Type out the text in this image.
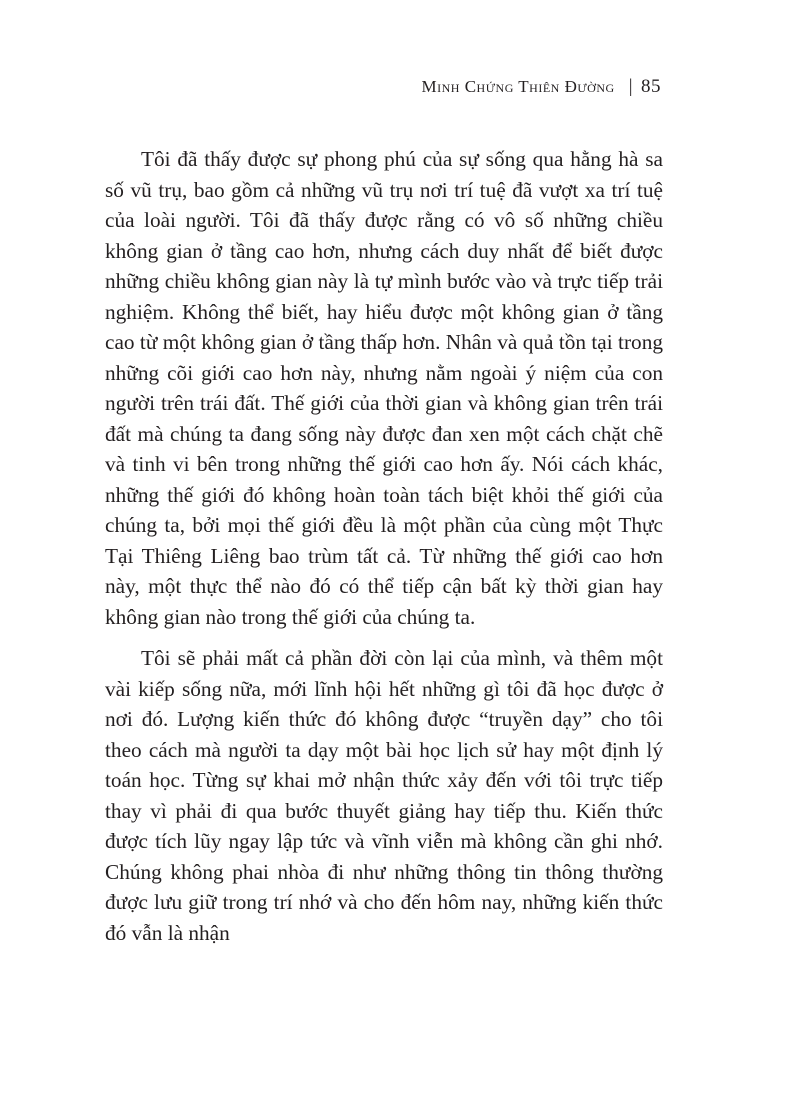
Minh Chứng Thiên Đường | 85

Tôi đã thấy được sự phong phú của sự sống qua hằng hà sa số vũ trụ, bao gồm cả những vũ trụ nơi trí tuệ đã vượt xa trí tuệ của loài người. Tôi đã thấy được rằng có vô số những chiều không gian ở tầng cao hơn, nhưng cách duy nhất để biết được những chiều không gian này là tự mình bước vào và trực tiếp trải nghiệm. Không thể biết, hay hiểu được một không gian ở tầng cao từ một không gian ở tầng thấp hơn. Nhân và quả tồn tại trong những cõi giới cao hơn này, nhưng nằm ngoài ý niệm của con người trên trái đất. Thế giới của thời gian và không gian trên trái đất mà chúng ta đang sống này được đan xen một cách chặt chẽ và tinh vi bên trong những thế giới cao hơn ấy. Nói cách khác, những thế giới đó không hoàn toàn tách biệt khỏi thế giới của chúng ta, bởi mọi thế giới đều là một phần của cùng một Thực Tại Thiêng Liêng bao trùm tất cả. Từ những thế giới cao hơn này, một thực thể nào đó có thể tiếp cận bất kỳ thời gian hay không gian nào trong thế giới của chúng ta.

Tôi sẽ phải mất cả phần đời còn lại của mình, và thêm một vài kiếp sống nữa, mới lĩnh hội hết những gì tôi đã học được ở nơi đó. Lượng kiến thức đó không được “truyền dạy” cho tôi theo cách mà người ta dạy một bài học lịch sử hay một định lý toán học. Từng sự khai mở nhận thức xảy đến với tôi trực tiếp thay vì phải đi qua bước thuyết giảng hay tiếp thu. Kiến thức được tích lũy ngay lập tức và vĩnh viễn mà không cần ghi nhớ. Chúng không phai nhòa đi như những thông tin thông thường được lưu giữ trong trí nhớ và cho đến hôm nay, những kiến thức đó vẫn là nhận
